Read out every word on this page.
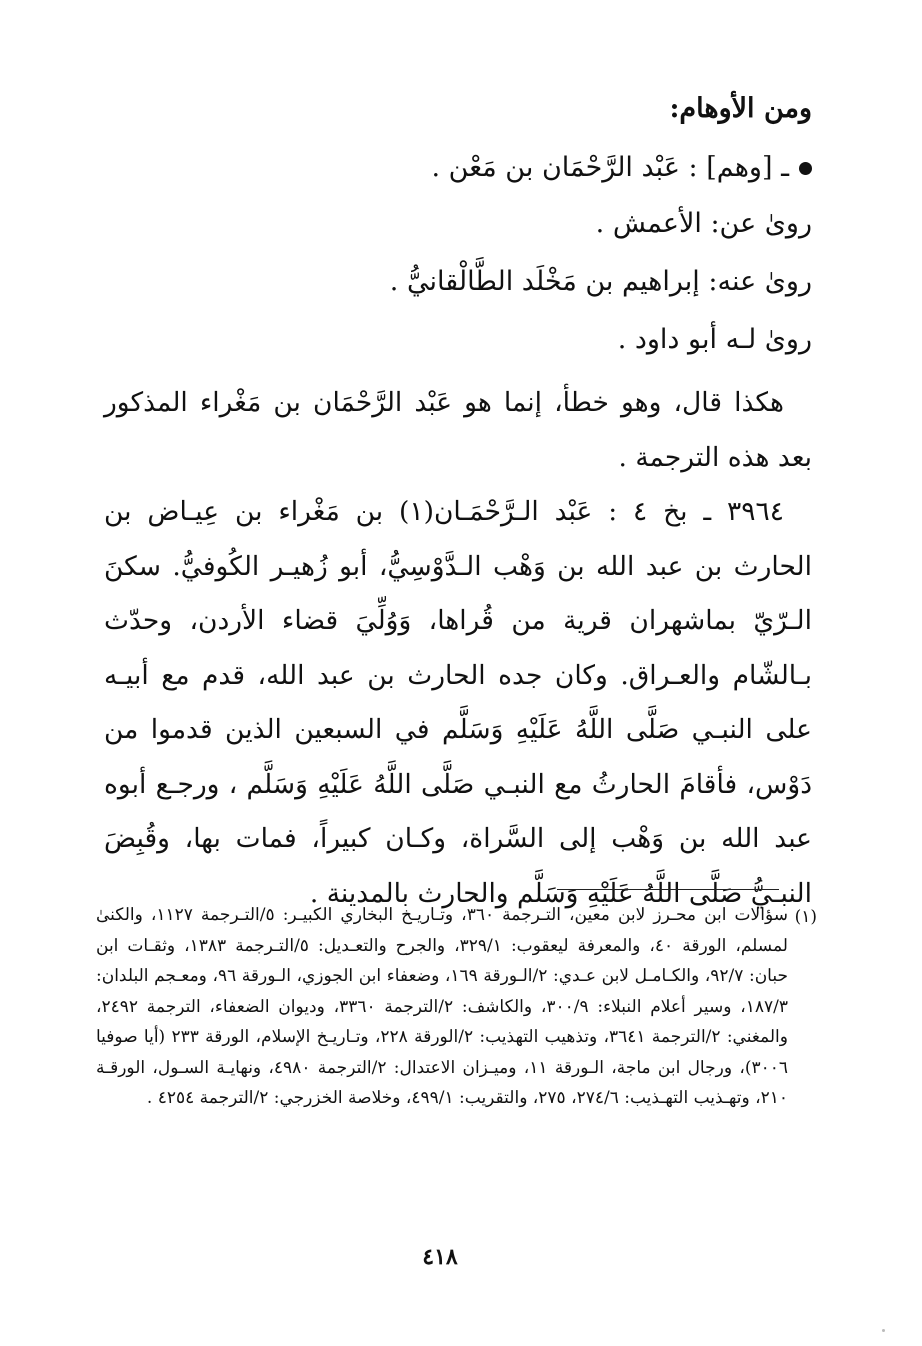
ومن الأوهام:
ـ [وهم] : عَبْد الرَّحْمَان بن مَعْن .
روىٰ عن: الأعمش .
روىٰ عنه: إبراهيم بن مَخْلَد الطَّالْقانيُّ .
روىٰ لـه أبو داود .
هكذا قال، وهو خطأ، إنما هو عَبْد الرَّحْمَان بن مَغْراء المذكور بعد هذه الترجمة .
٣٩٦٤ ـ بخ ٤ : عَبْد الـرَّحْمَـان(١) بن مَغْراء بن عِيـاض بن الحارث بن عبد الله بن وَهْب الـدَّوْسِيُّ، أبو زُهيـر الكُوفيُّ. سكنَ الـرّيّ بماشهران قرية من قُراها، وَوُلِّيَ قضاء الأردن، وحدّث بـالشّام والعـراق. وكان جده الحارث بن عبد الله، قدم مع أبيـه على النبـي صَلَّى اللَّهُ عَلَيْهِ وَسَلَّم في السبعين الذين قدموا من دَوْس، فأقامَ الحارثُ مع النبـي صَلَّى اللَّهُ عَلَيْهِ وَسَلَّم ، ورجـع أبوه عبد الله بن وَهْب إلى السَّراة، وكـان كبيراً، فمات بها، وقُبِضَ النبـيُّ صَلَّى اللَّهُ عَلَيْهِ وَسَلَّم والحارث بالمدينة .
(١)
سؤالات ابن محـرز لابن معين، التـرجمة ٣٦٠، وتـاريـخ البخاري الكبيـر: ٥/التـرجمة ١١٢٧، والكنىٰ لمسلم، الورقة ٤٠، والمعرفة ليعقوب: ٣٢٩/١، والجرح والتعـديل: ٥/التـرجمة ١٣٨٣، وثقـات ابن حبان: ٩٢/٧، والكـامـل لابن عـدي: ٢/الـورقة ١٦٩، وضعفاء ابن الجوزي، الـورقة ٩٦، ومعـجم البلدان: ١٨٧/٣، وسير أعلام النبلاء: ٣٠٠/٩، والكاشف: ٢/الترجمة ٣٣٦٠، وديوان الضعفاء، الترجمة ٢٤٩٢، والمغني: ٢/الترجمة ٣٦٤١، وتذهيب التهذيب: ٢/الورقة ٢٢٨، وتـاريـخ الإسلام، الورقة ٢٣٣ (أيا صوفيا ٣٠٠٦)، ورجال ابن ماجة، الـورقة ١١، وميـزان الاعتدال: ٢/الترجمة ٤٩٨٠، ونهايـة السـول، الورقـة ٢١٠، وتهـذيب التهـذيب: ٢٧٤/٦، ٢٧٥، والتقريب: ٤٩٩/١، وخلاصة الخزرجي: ٢/الترجمة ٤٢٥٤ .
٤١٨
